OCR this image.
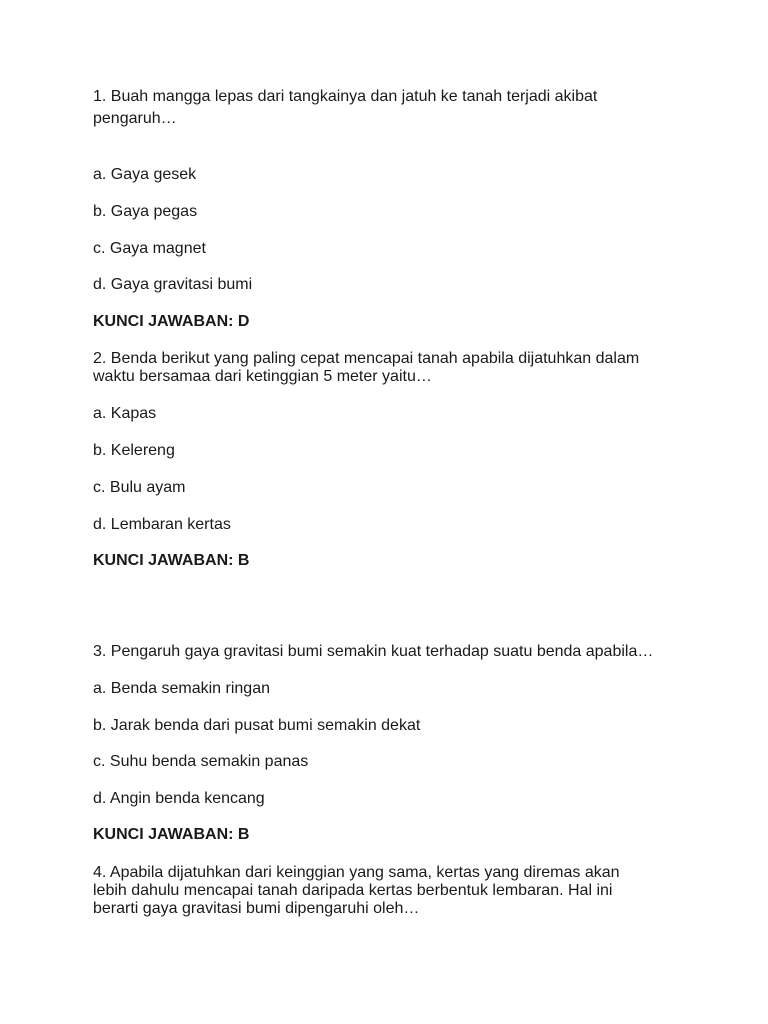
1. Buah mangga lepas dari tangkainya dan jatuh ke tanah terjadi akibat
pengaruh…
a. Gaya gesek
b. Gaya pegas
c. Gaya magnet
d. Gaya gravitasi bumi
KUNCI JAWABAN: D
2. Benda berikut yang paling cepat mencapai tanah apabila dijatuhkan dalam
waktu bersamaa dari ketinggian 5 meter yaitu…
a. Kapas
b. Kelereng
c. Bulu ayam
d. Lembaran kertas
KUNCI JAWABAN: B
3. Pengaruh gaya gravitasi bumi semakin kuat terhadap suatu benda apabila…
a. Benda semakin ringan
b. Jarak benda dari pusat bumi semakin dekat
c. Suhu benda semakin panas
d. Angin benda kencang
KUNCI JAWABAN: B
4. Apabila dijatuhkan dari keinggian yang sama, kertas yang diremas akan
lebih dahulu mencapai tanah daripada kertas berbentuk lembaran. Hal ini
berarti gaya gravitasi bumi dipengaruhi oleh…
